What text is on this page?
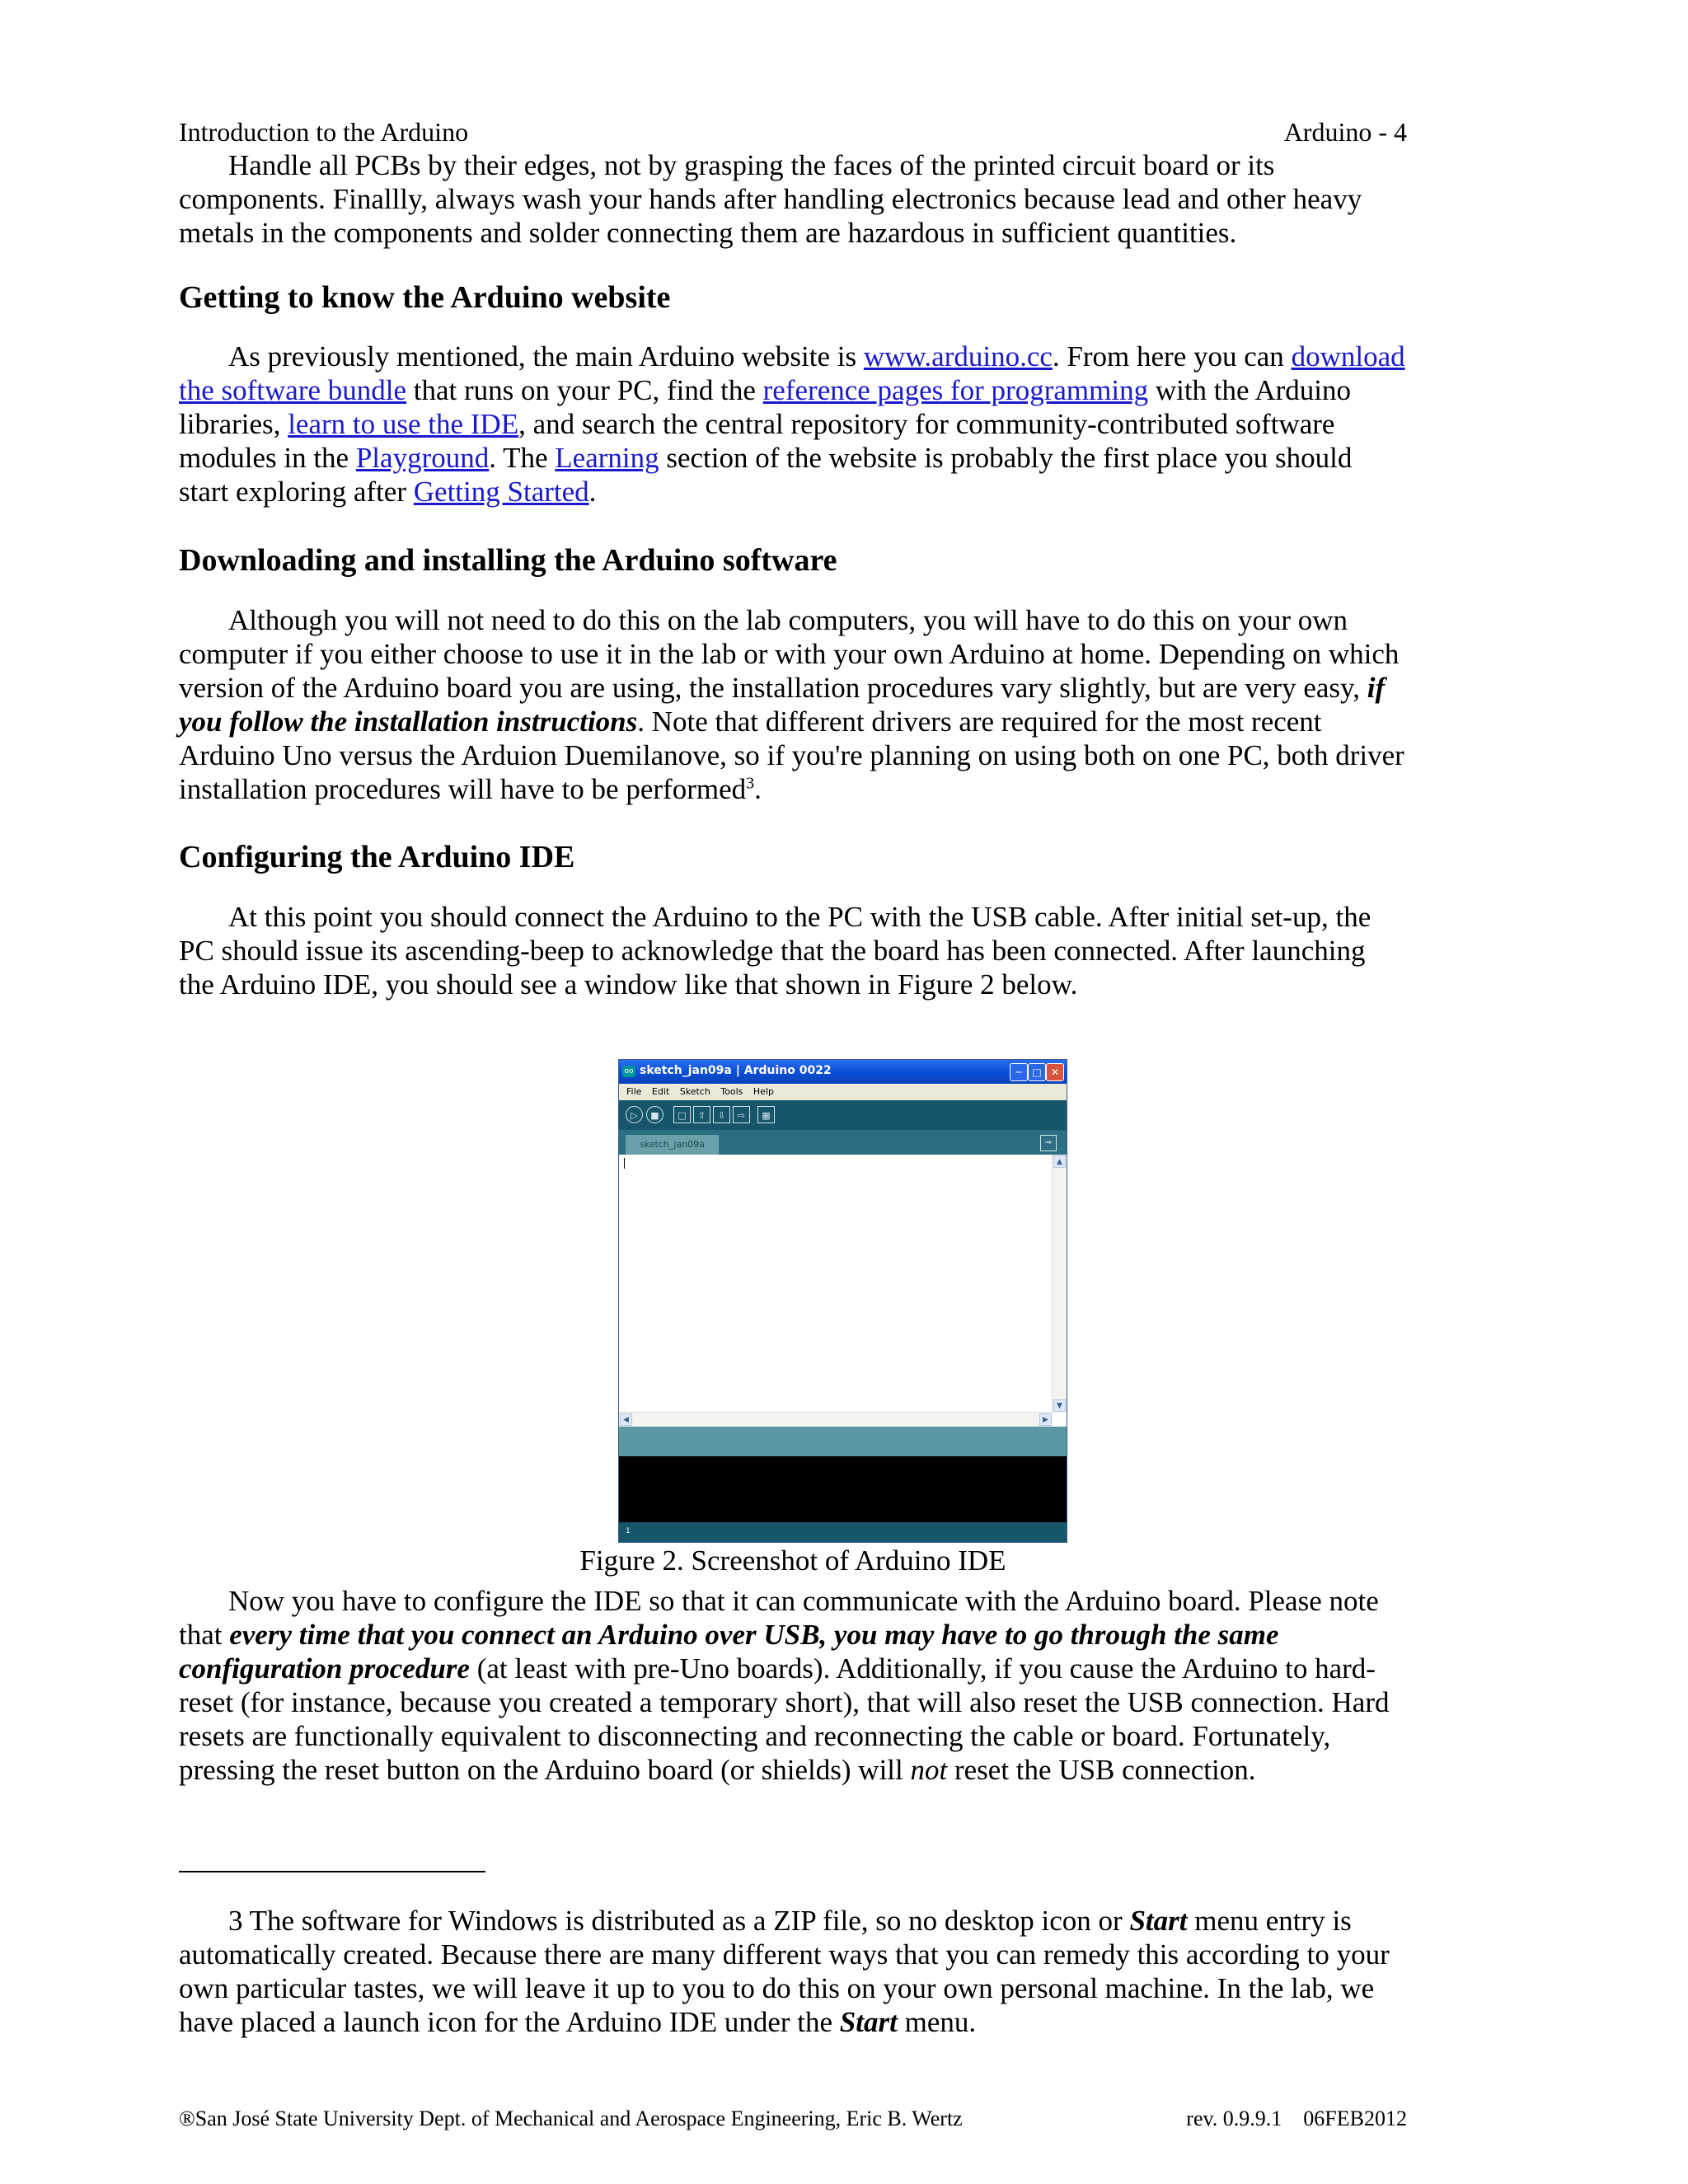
Introduction to the Arduino	Arduino - 4

Handle all PCBs by their edges, not by grasping the faces of the printed circuit board or its components. Finallly, always wash your hands after handling electronics because lead and other heavy metals in the components and solder connecting them are hazardous in sufficient quantities.

Getting to know the Arduino website

As previously mentioned, the main Arduino website is www.arduino.cc. From here you can download the software bundle that runs on your PC, find the reference pages for programming with the Arduino libraries, learn to use the IDE, and search the central repository for community-contributed software modules in the Playground. The Learning section of the website is probably the first place you should start exploring after Getting Started.

Downloading and installing the Arduino software

Although you will not need to do this on the lab computers, you will have to do this on your own computer if you either choose to use it in the lab or with your own Arduino at home. Depending on which version of the Arduino board you are using, the installation procedures vary slightly, but are very easy, if you follow the installation instructions. Note that different drivers are required for the most recent Arduino Uno versus the Arduion Duemilanove, so if you're planning on using both on one PC, both driver installation procedures will have to be performed$^3$.

Configuring the Arduino IDE

At this point you should connect the Arduino to the PC with the USB cable. After initial set-up, the PC should issue its ascending-beep to acknowledge that the board has been connected. After launching the Arduino IDE, you should see a window like that shown in Figure 2 below.

oo sketch_jan09a | Arduino 0022	─	□ ✕
File Edit Sketch Tools Help
▷	■	□	⇧	⇩	⇨	▦
sketch_jan09a	⇒
▲
▼
◀	▶
1

Figure 2. Screenshot of Arduino IDE

Now you have to configure the IDE so that it can communicate with the Arduino board. Please note that every time that you connect an Arduino over USB, you may have to go through the same configuration procedure (at least with pre-Uno boards). Additionally, if you cause the Arduino to hard-reset (for instance, because you created a temporary short), that will also reset the USB connection. Hard resets are functionally equivalent to disconnecting and reconnecting the cable or board. Fortunately, pressing the reset button on the Arduino board (or shields) will not reset the USB connection.

3 The software for Windows is distributed as a ZIP file, so no desktop icon or Start menu entry is automatically created. Because there are many different ways that you can remedy this according to your own particular tastes, we will leave it up to you to do this on your own personal machine. In the lab, we have placed a launch icon for the Arduino IDE under the Start menu.

®San José State University Dept. of Mechanical and Aerospace Engineering, Eric B. Wertz	rev. 0.9.9.1    06FEB2012
